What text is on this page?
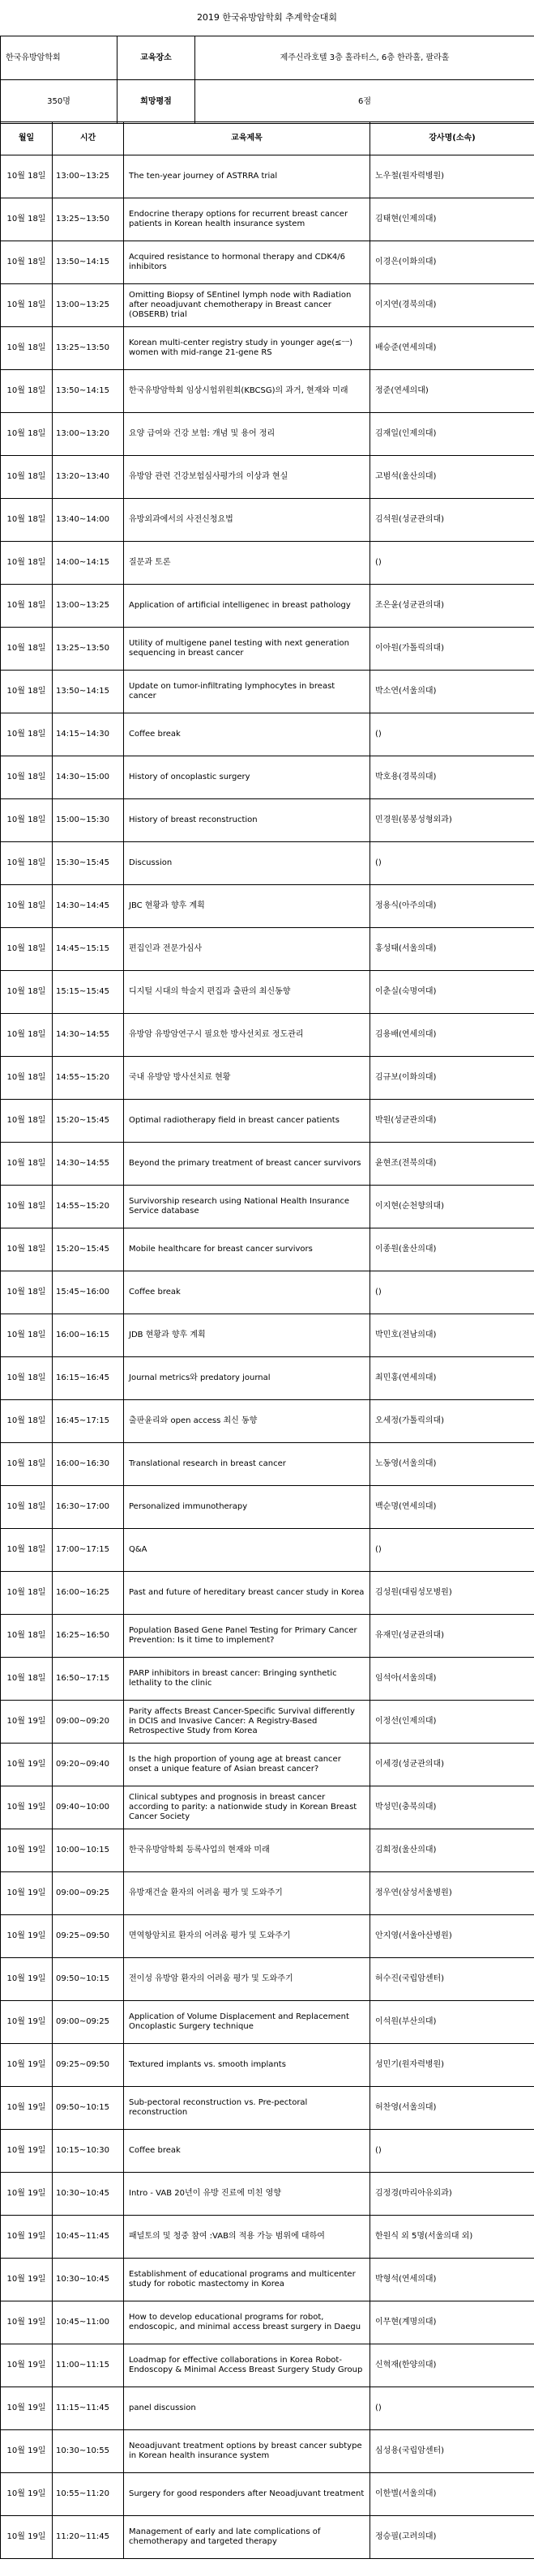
2019 한국유방암학회 추계학술대회
한국유방암학회	교육장소	제주신라호텔 3층 홀라터스, 6층 한라홀, 팔라홀
350명	희망평점	6점
월일	시간	교육제목	강사명(소속)
10월 18일	13:00~13:25	The ten-year journey of ASTRRA trial	노우철(원자력병원)
10월 18일	13:25~13:50	Endocrine therapy options for recurrent breast cancer patients in Korean health insurance system	김태현(인제의대)
10월 18일	13:50~14:15	Acquired resistance to hormonal therapy and CDK4/6 inhibitors	이경은(이화의대)
10월 18일	13:00~13:25	Omitting Biopsy of SEntinel lymph node with Radiation after neoadjuvant chemotherapy in Breast cancer (OBSERB) trial	이지연(경북의대)
10월 18일	13:25~13:50	Korean multi-center registry study in younger age(≤ㅡ) women with mid-range 21-gene RS	배승준(연세의대)
10월 18일	13:50~14:15	한국유방암학회 임상시험위원회(KBCSG)의 과거, 현재와 미래	정준(연세의대)
10월 18일	13:00~13:20	요양 급여와 건강 보험: 개념 및 용어 정리	김재일(인제의대)
10월 18일	13:20~13:40	유방암 관련 건강보험심사평가의 이상과 현실	고범석(울산의대)
10월 18일	13:40~14:00	유방외과에서의 사전신청요법	김석원(성균관의대)
10월 18일	14:00~14:15	질문과 토론	()
10월 18일	13:00~13:25	Application of artificial intelligenec in breast pathology	조은윤(성균관의대)
10월 18일	13:25~13:50	Utility of multigene panel testing with next generation sequencing in breast cancer	이아원(가톨릭의대)
10월 18일	13:50~14:15	Update on tumor-infiltrating lymphocytes in breast cancer	박소연(서울의대)
10월 18일	14:15~14:30	Coffee break	()
10월 18일	14:30~15:00	History of oncoplastic surgery	박호용(경북의대)
10월 18일	15:00~15:30	History of breast reconstruction	민경원(봉봉성형외과)
10월 18일	15:30~15:45	Discussion	()
10월 18일	14:30~14:45	JBC 현황과 향후 계획	정용식(아주의대)
10월 18일	14:45~15:15	편집인과 전문가심사	홍성태(서울의대)
10월 18일	15:15~15:45	디지털 시대의 학술지 편집과 출판의 최신동향	이춘실(숙명여대)
10월 18일	14:30~14:55	유방암 유방암연구시 필요한 방사선치료 정도관리	김용배(연세의대)
10월 18일	14:55~15:20	국내 유방암 방사선치료 현황	김규보(이화의대)
10월 18일	15:20~15:45	Optimal radiotherapy field in breast cancer patients	박원(성균관의대)
10월 18일	14:30~14:55	Beyond the primary treatment of breast cancer survivors	윤현조(전북의대)
10월 18일	14:55~15:20	Survivorship research using National Health Insurance Service database	이지현(순천향의대)
10월 18일	15:20~15:45	Mobile healthcare for breast cancer survivors	이종원(울산의대)
10월 18일	15:45~16:00	Coffee break	()
10월 18일	16:00~16:15	JDB 현황과 향후 계획	박민호(전남의대)
10월 18일	16:15~16:45	Journal metrics와 predatory journal	최민홍(연세의대)
10월 18일	16:45~17:15	출판윤리와 open access 최신 동향	오세정(가톨릭의대)
10월 18일	16:00~16:30	Translational research in breast cancer	노동영(서울의대)
10월 18일	16:30~17:00	Personalized immunotherapy	백순명(연세의대)
10월 18일	17:00~17:15	Q&A	()
10월 18일	16:00~16:25	Past and future of hereditary breast cancer study in Korea	김성원(대림성모병원)
10월 18일	16:25~16:50	Population Based Gene Panel Testing for Primary Cancer Prevention: Is it time to implement?	유재민(성균관의대)
10월 18일	16:50~17:15	PARP inhibitors in breast cancer: Bringing synthetic lethality to the clinic	임석아(서울의대)
10월 19일	09:00~09:20	Parity affects Breast Cancer-Specific Survival differently in DCIS and Invasive Cancer: A Registry-Based Retrospective Study from Korea	이정선(인제의대)
10월 19일	09:20~09:40	Is the high proportion of young age at breast cancer onset a unique feature of Asian breast cancer?	이세경(성균관의대)
10월 19일	09:40~10:00	Clinical subtypes and prognosis in breast cancer according to parity: a nationwide study in Korean Breast Cancer Society	박성민(충북의대)
10월 19일	10:00~10:15	한국유방암학회 등록사업의 현재와 미래	김희정(울산의대)
10월 19일	09:00~09:25	유방재건술 환자의 어려움 평가 및 도와주기	정우연(삼성서울병원)
10월 19일	09:25~09:50	면역항암치료 환자의 어려움 평가 및 도와주기	안지영(서울아산병원)
10월 19일	09:50~10:15	전이성 유방암 환자의 어려움 평가 및 도와주기	허수진(국립암센터)
10월 19일	09:00~09:25	Application of Volume Displacement and Replacement Oncoplastic Surgery technique	이석원(부산의대)
10월 19일	09:25~09:50	Textured implants vs. smooth implants	성민기(원자력병원)
10월 19일	09:50~10:15	Sub-pectoral reconstruction vs. Pre-pectoral reconstruction	허찬영(서울의대)
10월 19일	10:15~10:30	Coffee break	()
10월 19일	10:30~10:45	Intro - VAB 20년이 유방 진료에 미친 영향	김정경(마리아유외과)
10월 19일	10:45~11:45	패널토의 및 청중 참여 :VAB의 적용 가능 범위에 대하여	한원식 외 5명(서울의대 외)
10월 19일	10:30~10:45	Establishment of educational programs and multicenter study for robotic mastectomy in Korea	박형석(연세의대)
10월 19일	10:45~11:00	How to develop educational programs for robot, endoscopic, and minimal access breast surgery in Daegu	이무현(계명의대)
10월 19일	11:00~11:15	Loadmap for effective collaborations in Korea Robot-Endoscopy & Minimal Access Breast Surgery Study Group	신혁재(한양의대)
10월 19일	11:15~11:45	panel discussion	()
10월 19일	10:30~10:55	Neoadjuvant treatment options by breast cancer subtype in Korean health insurance system	심성용(국립암센터)
10월 19일	10:55~11:20	Surgery for good responders after Neoadjuvant treatment	이한별(서울의대)
10월 19일	11:20~11:45	Management of early and late complications of chemotherapy and targeted therapy	정승필(고려의대)
